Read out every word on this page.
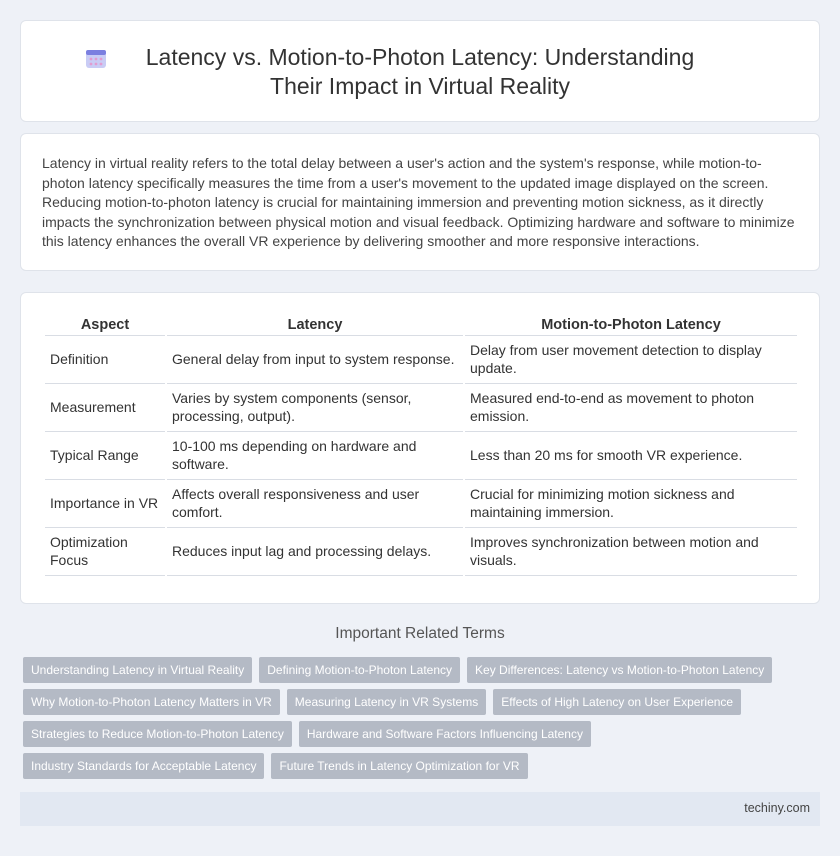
Latency vs. Motion-to-Photon Latency: Understanding Their Impact in Virtual Reality

Latency in virtual reality refers to the total delay between a user's action and the system's response, while motion-to-photon latency specifically measures the time from a user's movement to the updated image displayed on the screen. Reducing motion-to-photon latency is crucial for maintaining immersion and preventing motion sickness, as it directly impacts the synchronization between physical motion and visual feedback. Optimizing hardware and software to minimize this latency enhances the overall VR experience by delivering smoother and more responsive interactions.

Aspect	Latency	Motion-to-Photon Latency
Definition	General delay from input to system response.	Delay from user movement detection to display update.
Measurement	Varies by system components (sensor, processing, output).	Measured end-to-end as movement to photon emission.
Typical Range	10-100 ms depending on hardware and software.	Less than 20 ms for smooth VR experience.
Importance in VR	Affects overall responsiveness and user comfort.	Crucial for minimizing motion sickness and maintaining immersion.
Optimization Focus	Reduces input lag and processing delays.	Improves synchronization between motion and visuals.
Important Related Terms
Understanding Latency in Virtual Reality	Defining Motion-to-Photon Latency	Key Differences: Latency vs Motion-to-Photon Latency
Why Motion-to-Photon Latency Matters in VR	Measuring Latency in VR Systems	Effects of High Latency on User Experience
Strategies to Reduce Motion-to-Photon Latency	Hardware and Software Factors Influencing Latency
Industry Standards for Acceptable Latency	Future Trends in Latency Optimization for VR
techiny.com
